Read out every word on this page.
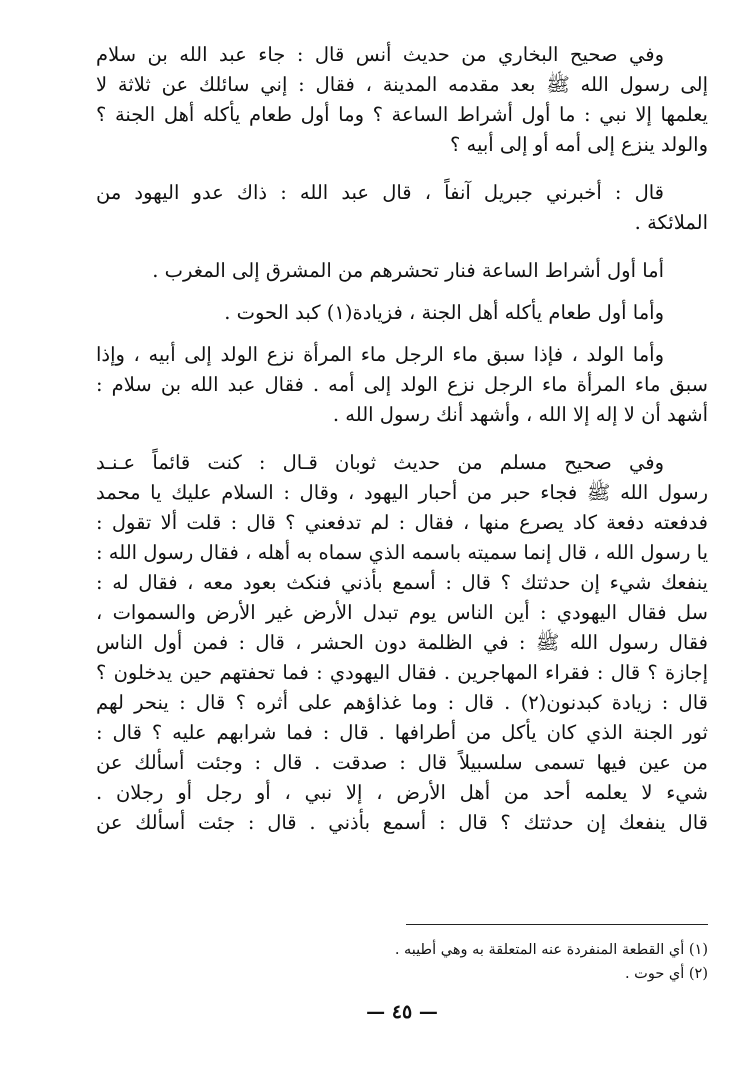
وفي صحيح البخاري من حديث أنس قال : جاء عبد الله بن سلام
إلى رسول الله ﷺ بعد مقدمه المدينة ، فقال : إني سائلك عن ثلاثة لا
يعلمها إلا نبي : ما أول أشراط الساعة ؟ وما أول طعام يأكله أهل الجنة ؟
والولد ينزع إلى أمه أو إلى أبيه ؟
قال : أخبرني جبريل آنفاً ، قال عبد الله : ذاك عدو اليهود من
الملائكة .
أما أول أشراط الساعة فنار تحشرهم من المشرق إلى المغرب .
وأما أول طعام يأكله أهل الجنة ، فزيادة(١) كبد الحوت .
وأما الولد ، فإذا سبق ماء الرجل ماء المرأة نزع الولد إلى أبيه ، وإذا
سبق ماء المرأة ماء الرجل نزع الولد إلى أمه . فقال عبد الله بن سلام :
أشهد أن لا إله إلا الله ، وأشهد أنك رسول الله .
وفي صحيح مسلم من حديث ثوبان قـال : كنت قائماً عـنـد
رسول الله ﷺ فجاء حبر من أحبار اليهود ، وقال : السلام عليك يا محمد
فدفعته دفعة كاد يصرع منها ، فقال : لم تدفعني ؟ قال : قلت ألا تقول :
يا رسول الله ، قال إنما سميته باسمه الذي سماه به أهله ، فقال رسول الله :
ينفعك شيء إن حدثتك ؟ قال : أسمع بأذني فنكث بعود معه ، فقال له :
سل فقال اليهودي : أين الناس يوم تبدل الأرض غير الأرض والسموات ،
فقال رسول الله ﷺ : في الظلمة دون الحشر ، قال : فمن أول الناس
إجازة ؟ قال : فقراء المهاجرين . فقال اليهودي : فما تحفتهم حين يدخلون ؟
قال : زيادة كبدنون(٢) . قال : وما غذاؤهم على أثره ؟ قال : ينحر لهم
ثور الجنة الذي كان يأكل من أطرافها . قال : فما شرابهم عليه ؟ قال :
من عين فيها تسمى سلسبيلاً قال : صدقت . قال : وجئت أسألك عن
شيء لا يعلمه أحد من أهل الأرض ، إلا نبي ، أو رجل أو رجلان .
قال ينفعك إن حدثتك ؟ قال : أسمع بأذني . قال : جئت أسألك عن
(١) أي القطعة المنفردة عنه المتعلقة به وهي أطيبه .
(٢) أي حوت .
— ٤٥ —
